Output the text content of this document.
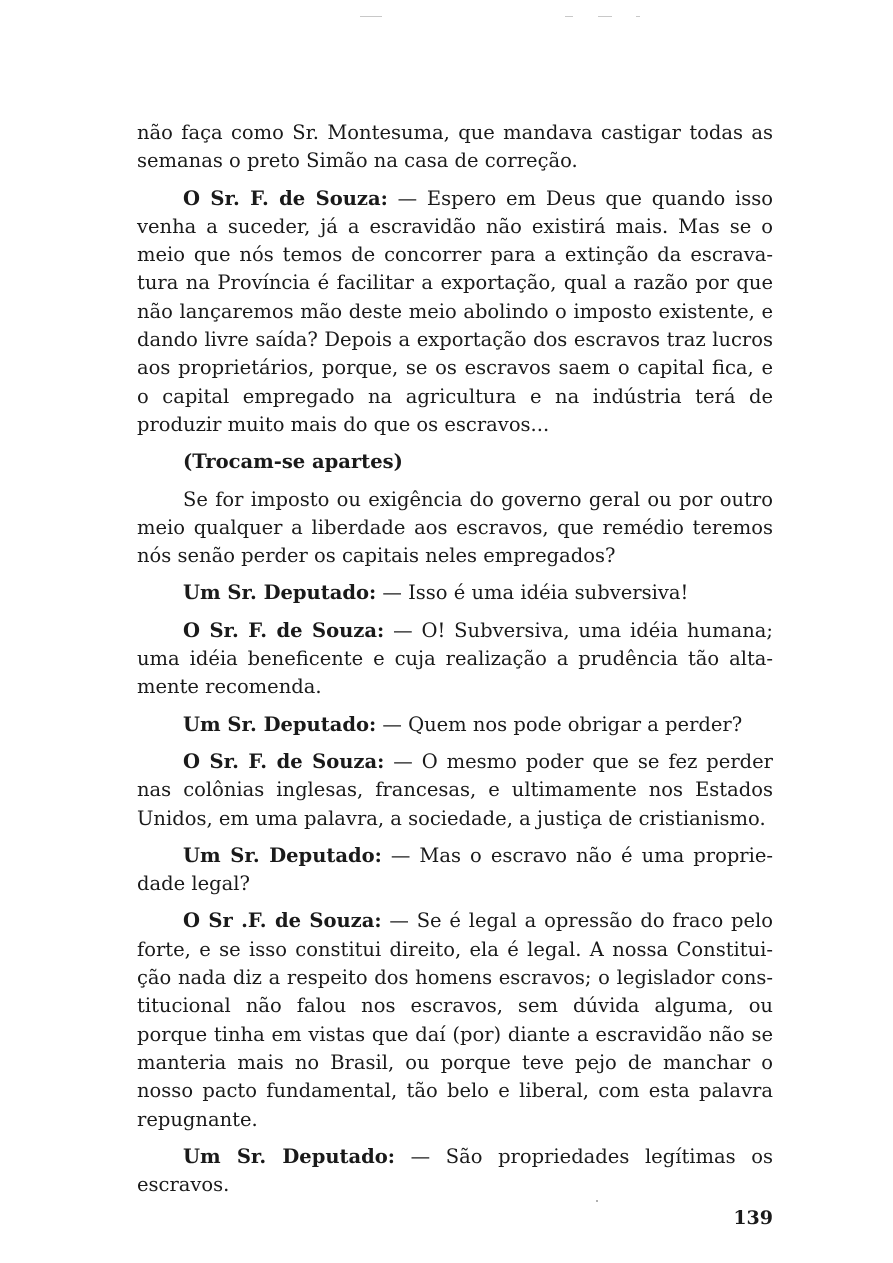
não faça como Sr. Montesuma, que mandava castigar todas as semanas o preto Simão na casa de correção.

O Sr. F. de Souza: — Espero em Deus que quando isso venha a suceder, já a escravidão não existirá mais. Mas se o meio que nós temos de concorrer para a extinção da escravatura na Província é facilitar a exportação, qual a razão por que não lançaremos mão deste meio abolindo o imposto existente, e dando livre saída? Depois a exportação dos escravos traz lucros aos proprietários, porque, se os escravos saem o capital fica, e o capital empregado na agricultura e na indústria terá de produzir muito mais do que os escravos...

(Trocam-se apartes)

Se for imposto ou exigência do governo geral ou por outro meio qualquer a liberdade aos escravos, que remédio teremos nós senão perder os capitais neles empregados?

Um Sr. Deputado: — Isso é uma idéia subversiva!

O Sr. F. de Souza: — O! Subversiva, uma idéia humana; uma idéia beneficente e cuja realização a prudência tão altamente recomenda.

Um Sr. Deputado: — Quem nos pode obrigar a perder?

O Sr. F. de Souza: — O mesmo poder que se fez perder nas colônias inglesas, francesas, e ultimamente nos Estados Unidos, em uma palavra, a sociedade, a justiça de cristianismo.

Um Sr. Deputado: — Mas o escravo não é uma propriedade legal?

O Sr .F. de Souza: — Se é legal a opressão do fraco pelo forte, e se isso constitui direito, ela é legal. A nossa Constituição nada diz a respeito dos homens escravos; o legislador constitucional não falou nos escravos, sem dúvida alguma, ou porque tinha em vistas que daí (por) diante a escravidão não se manteria mais no Brasil, ou porque teve pejo de manchar o nosso pacto fundamental, tão belo e liberal, com esta palavra repugnante.

Um Sr. Deputado: — São propriedades legítimas os escravos.

139
